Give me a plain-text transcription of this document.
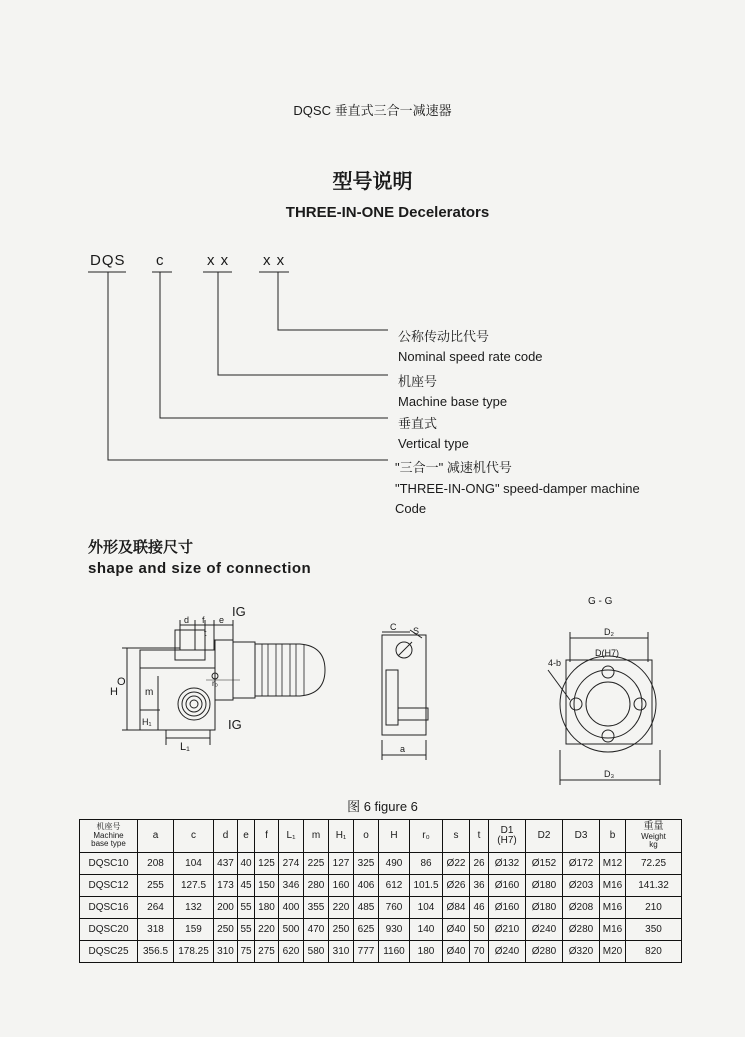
DQSC 垂直式三合一减速器
型号说明
THREE-IN-ONE Decelerators
DQS c	x x x x
公称传动比代号
Nominal speed rate code
机座号
Machine base type
垂直式
Vertical type
"三合一" 减速机代号
"THREE-IN-ONG" speed-damper machine
Code
外形及联接尺寸
shape and size of connection
IG
d f e
t
H
O
m
H₁
L₁
r₀
IG
C S
a
G - G
D₂
D(H7)
4-b
D₃
图 6 figure 6
机座号
Machine
base type	a	c	d	e	f	L₁	m	H₁	o	H	r₀	s	t	D1
(H7)	D2	D3	b	重量
Weight
kg

DQSC10	208	104	437	40	125	274	225	127	325	490	86	Ø22	26	Ø132	Ø152	Ø172	M12	72.25
DQSC12	255	127.5	173	45	150	346	280	160	406	612	101.5	Ø26	36	Ø160	Ø180	Ø203	M16	141.32
DQSC16	264	132	200	55	180	400	355	220	485	760	104	Ø84	46	Ø160	Ø180	Ø208	M16	210
DQSC20	318	159	250	55	220	500	470	250	625	930	140	Ø40	50	Ø210	Ø240	Ø280	M16	350
DQSC25	356.5	178.25	310	75	275	620	580	310	777	1160	180	Ø40	70	Ø240	Ø280	Ø320	M20	820
